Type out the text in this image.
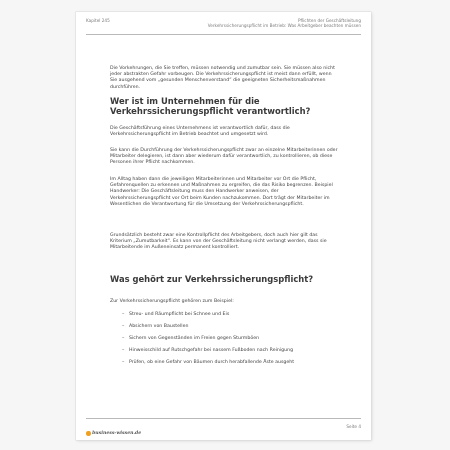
Kapitel 245	Pflichten der Geschäftsleitung
Verkehrssicherungspflicht im Betrieb: Was Arbeitgeber beachten müssen

Die Vorkehrungen, die Sie treffen, müssen notwendig und zumutbar sein. Sie müssen also nicht jeder abstrakten Gefahr vorbeugen. Die Verkehrssicherungspflicht ist meist dann erfüllt, wenn Sie ausgehend vom „gesunden Menschenverstand“ die geeigneten Sicherheitsmaßnahmen durchführen.

Wer ist im Unternehmen für die Verkehrssicherungspflicht verantwortlich?

Die Geschäftsführung eines Unternehmens ist verantwortlich dafür, dass die Verkehrssicherungspflicht im Betrieb beachtet und umgesetzt wird.

Sie kann die Durchführung der Verkehrssicherungspflicht zwar an einzelne Mitarbeiterinnen oder Mitarbeiter delegieren, ist dann aber wiederum dafür verantwortlich, zu kontrollieren, ob diese Personen ihrer Pflicht nachkommen.

Im Alltag haben dann die jeweiligen Mitarbeiterinnen und Mitarbeiter vor Ort die Pflicht, Gefahrenquellen zu erkennen und Maßnahmen zu ergreifen, die das Risiko begrenzen. Beispiel Handwerker: Die Geschäftsleitung muss den Handwerker anweisen, der Verkehrssicherungspflicht vor Ort beim Kunden nachzukommen. Dort trägt der Mitarbeiter im Wesentlichen die Verantwortung für die Umsetzung der Verkehrssicherungspflicht.

Grundsätzlich besteht zwar eine Kontrollpflicht des Arbeitgebers, doch auch hier gilt das Kriterium „Zumutbarkeit“. Es kann von der Geschäftsleitung nicht verlangt werden, dass sie Mitarbeitende im Außeneinsatz permanent kontrolliert.

Was gehört zur Verkehrssicherungspflicht?

Zur Verkehrssicherungspflicht gehören zum Beispiel:

– Streu- und Räumpflicht bei Schnee und Eis
– Absichern von Baustellen
– Sichern von Gegenständen im Freien gegen Sturmböen
– Hinweisschild auf Rutschgefahr bei nassem Fußboden nach Reinigung
– Prüfen, ob eine Gefahr von Bäumen durch herabfallende Äste ausgeht
business-wissen.de
Seite 4
